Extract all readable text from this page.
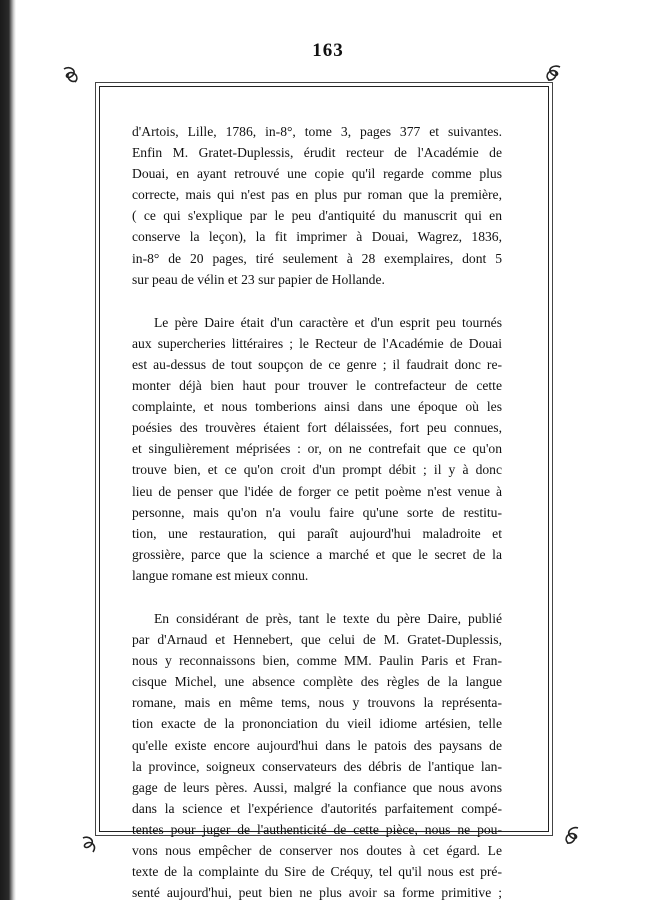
163

d'Artois, Lille, 1786, in-8°, tome 3, pages 377 et suivantes.
Enfin M. Gratet-Duplessis, érudit recteur de l'Académie de
Douai, en ayant retrouvé une copie qu'il regarde comme plus
correcte, mais qui n'est pas en plus pur roman que la première,
( ce qui s'explique par le peu d'antiquité du manuscrit qui en
conserve la leçon), la fit imprimer à Douai, Wagrez, 1836,
in-8° de 20 pages, tiré seulement à 28 exemplaires, dont 5
sur peau de vélin et 23 sur papier de Hollande.

Le père Daire était d'un caractère et d'un esprit peu tournés
aux supercheries littéraires ; le Recteur de l'Académie de Douai
est au-dessus de tout soupçon de ce genre ; il faudrait donc re-
monter déjà bien haut pour trouver le contrefacteur de cette
complainte, et nous tomberions ainsi dans une époque où les
poésies des trouvères étaient fort délaissées, fort peu connues,
et singulièrement méprisées : or, on ne contrefait que ce qu'on
trouve bien, et ce qu'on croit d'un prompt débit ; il y à donc
lieu de penser que l'idée de forger ce petit poème n'est venue à
personne, mais qu'on n'a voulu faire qu'une sorte de restitu-
tion, une restauration, qui paraît aujourd'hui maladroite et
grossière, parce que la science a marché et que le secret de la
langue romane est mieux connu.

En considérant de près, tant le texte du père Daire, publié
par d'Arnaud et Hennebert, que celui de M. Gratet-Duplessis,
nous y reconnaissons bien, comme MM. Paulin Paris et Fran-
cisque Michel, une absence complète des règles de la langue
romane, mais en même tems, nous y trouvons la représenta-
tion exacte de la prononciation du vieil idiome artésien, telle
qu'elle existe encore aujourd'hui dans le patois des paysans de
la province, soigneux conservateurs des débris de l'antique lan-
gage de leurs pères. Aussi, malgré la confiance que nous avons
dans la science et l'expérience d'autorités parfaitement compé-
tentes pour juger de l'authenticité de cette pièce, nous ne pou-
vons nous empêcher de conserver nos doutes à cet égard. Le
texte de la complainte du Sire de Créquy, tel qu'il nous est pré-
senté aujourd'hui, peut bien ne plus avoir sa forme primitive ;
